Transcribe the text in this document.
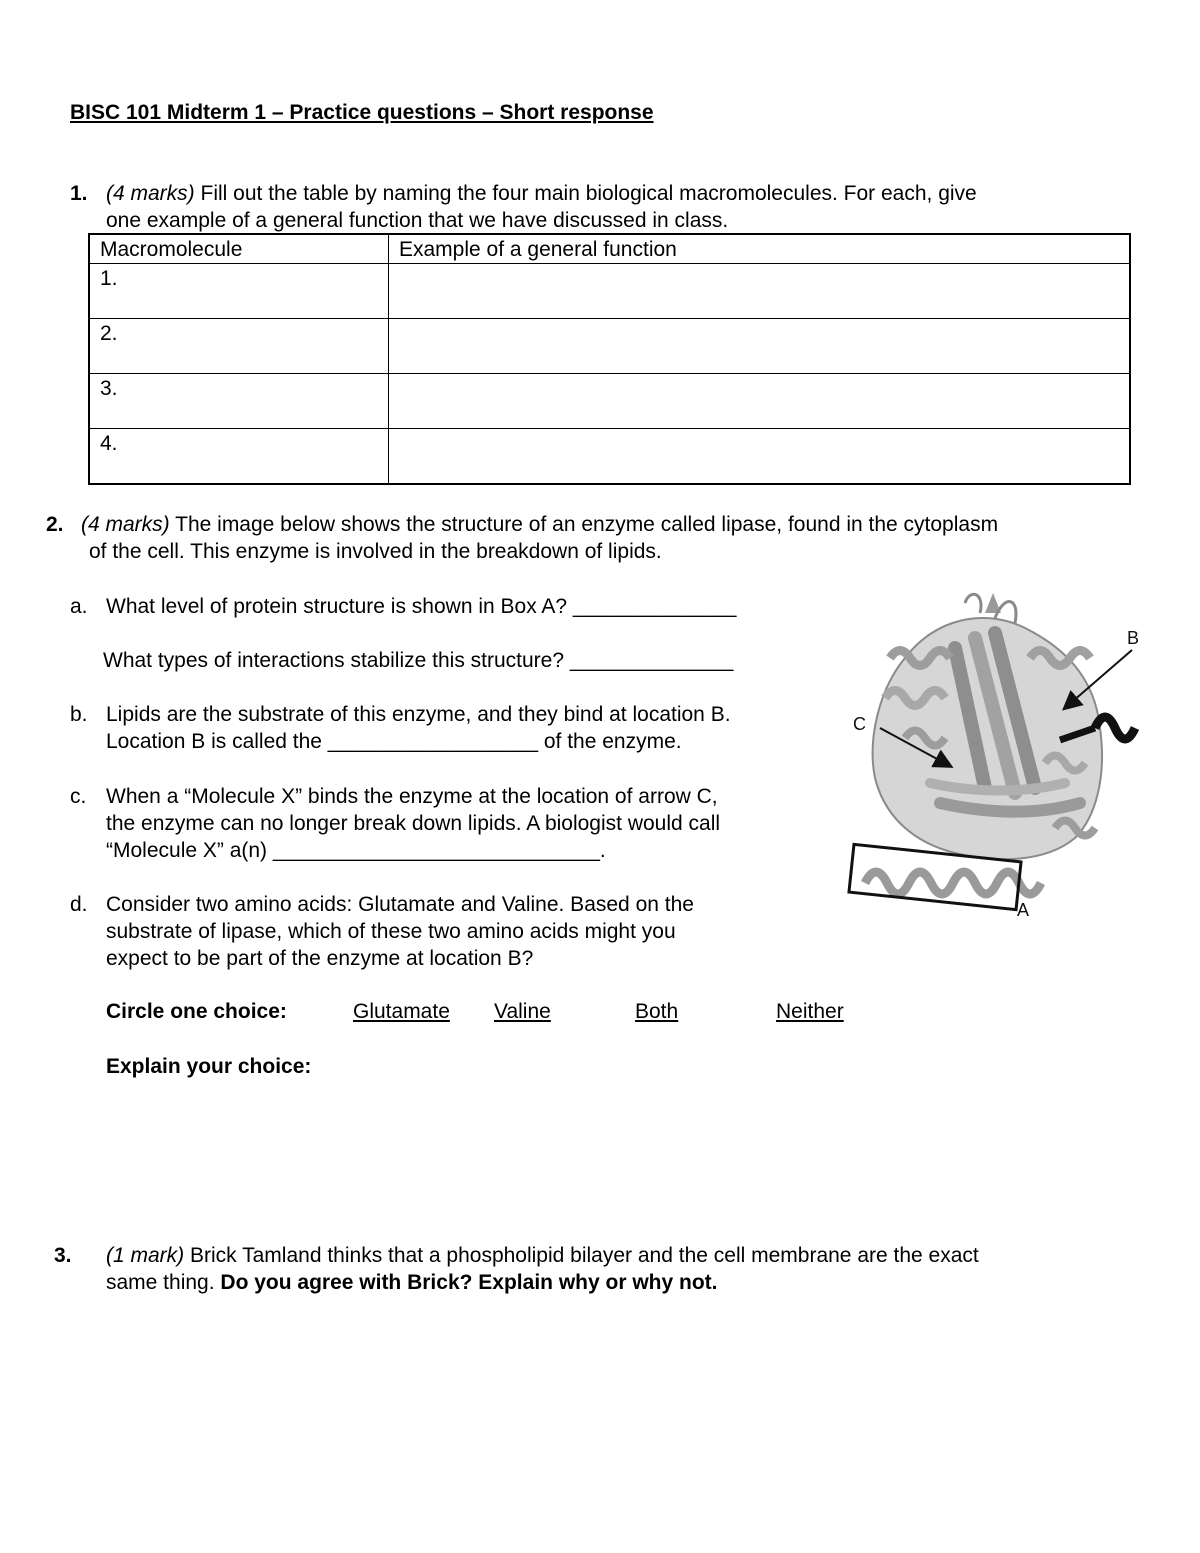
BISC 101 Midterm 1 – Practice questions – Short response
1. (4 marks) Fill out the table by naming the four main biological macromolecules. For each, give
one example of a general function that we have discussed in class.
Macromolecule	Example of a general function
1.	
2.	
3.	
4.	
2. (4 marks) The image below shows the structure of an enzyme called lipase, found in the cytoplasm
of the cell. This enzyme is involved in the breakdown of lipids.
a. What level of protein structure is shown in Box A? ______________
What types of interactions stabilize this structure? ______________
b. Lipids are the substrate of this enzyme, and they bind at location B.
Location B is called the __________________ of the enzyme.
c. When a “Molecule X” binds the enzyme at the location of arrow C,
the enzyme can no longer break down lipids. A biologist would call
“Molecule X” a(n) ____________________________.
d. Consider two amino acids: Glutamate and Valine. Based on the
substrate of lipase, which of these two amino acids might you
expect to be part of the enzyme at location B?
Circle one choice:	Glutamate Valine	Both	Neither
Explain your choice:
B
C
A
3. (1 mark) Brick Tamland thinks that a phospholipid bilayer and the cell membrane are the exact
same thing. Do you agree with Brick? Explain why or why not.
